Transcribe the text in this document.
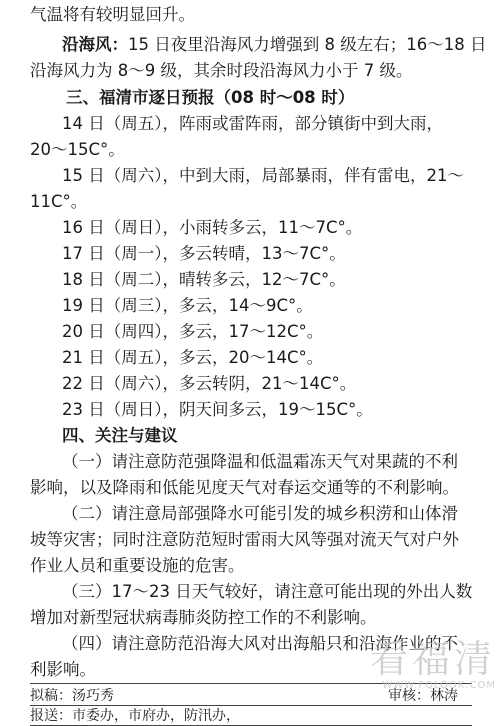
气温将有较明显回升。
沿海风：15 日夜里沿海风力增强到 8 级左右；16～18 日
沿海风力为 8～9 级，其余时段沿海风力小于 7 级。
三、福清市逐日预报（08 时～08 时）
14 日（周五），阵雨或雷阵雨，部分镇街中到大雨，
20～15C°。
15 日（周六），中到大雨，局部暴雨，伴有雷电，21～
11C°。
16 日（周日），小雨转多云，11～7C°。
17 日（周一），多云转晴，13～7C°。
18 日（周二），晴转多云，12～7C°。
19 日（周三），多云，14～9C°。
20 日（周四），多云，17～12C°。
21 日（周五），多云，20～14C°。
22 日（周六），多云转阴，21～14C°。
23 日（周日），阴天间多云，19～15C°。
四、关注与建议
（一）请注意防范强降温和低温霜冻天气对果蔬的不利
影响，以及降雨和低能见度天气对春运交通等的不利影响。
（二）请注意局部强降水可能引发的城乡积涝和山体滑
坡等灾害；同时注意防范短时雷雨大风等强对流天气对户外
作业人员和重要设施的危害。
（三）17～23 日天气较好，请注意可能出现的外出人数
增加对新型冠状病毒肺炎防控工作的不利影响。
（四）请注意防范沿海大风对出海船只和沿海作业的不
利影响。
拟稿：汤巧秀	审核：林涛
报送：市委办，市府办，防汛办，
看福清
WWW.FQLOOK.COM
